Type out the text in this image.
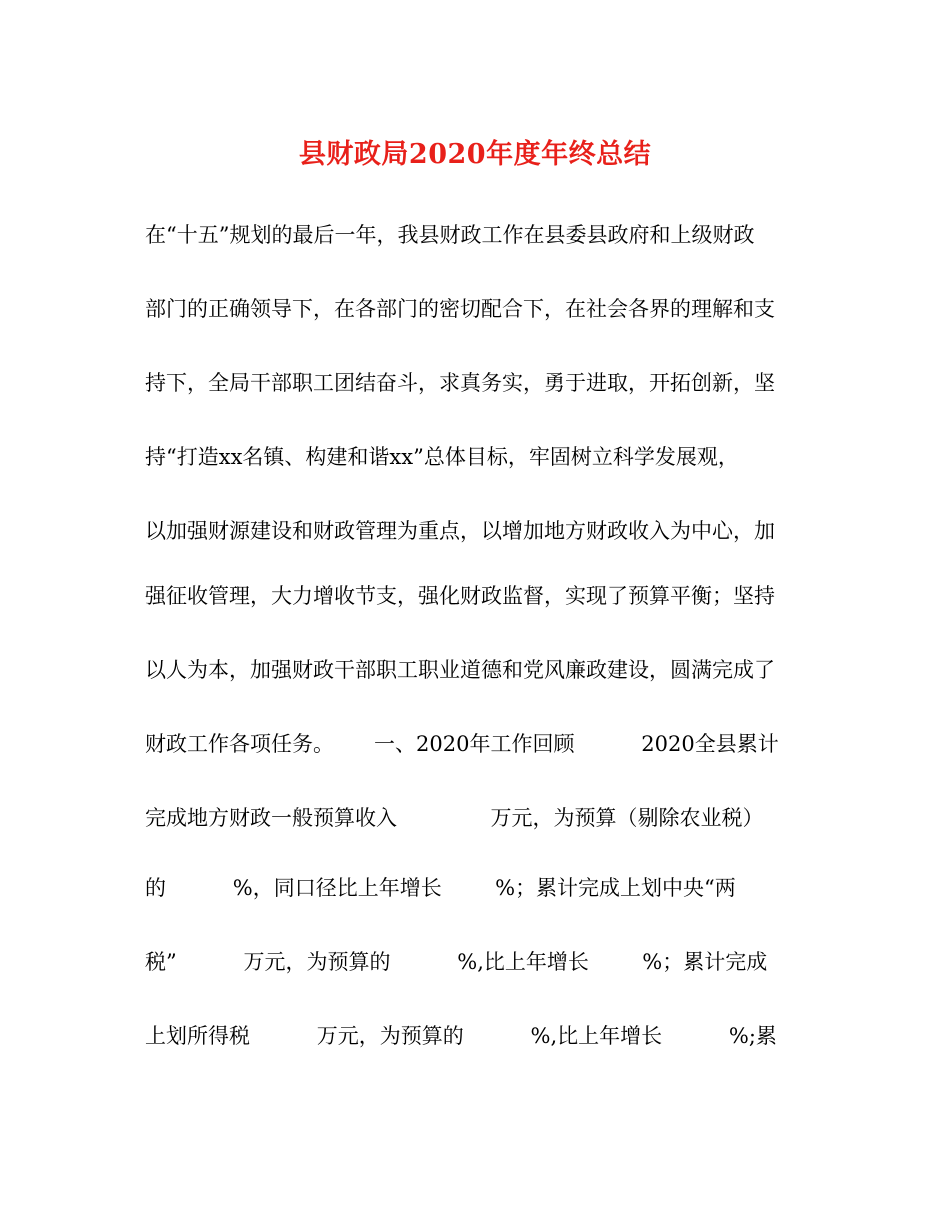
县财政局2020年度年终总结
在“十五”规划的最后一年，我县财政工作在县委县政府和上级财政
部门的正确领导下，在各部门的密切配合下，在社会各界的理解和支
持下，全局干部职工团结奋斗，求真务实，勇于进取，开拓创新，坚
持“打造xx名镇、构建和谐xx”总体目标，牢固树立科学发展观，
以加强财源建设和财政管理为重点，以增加地方财政收入为中心，加
强征收管理，大力增收节支，强化财政监督，实现了预算平衡；坚持
以人为本，加强财政干部职工职业道德和党风廉政建设，圆满完成了
财政工作各项任务。      一、2020年工作回顾          2020全县累计
完成地方财政一般预算收入              万元，为预算（剔除农业税）
的          %，同口径比上年增长        %；累计完成上划中央“两
税”          万元，为预算的          %,比上年增长        %；累计完成
上划所得税          万元，为预算的          %,比上年增长          %;累
